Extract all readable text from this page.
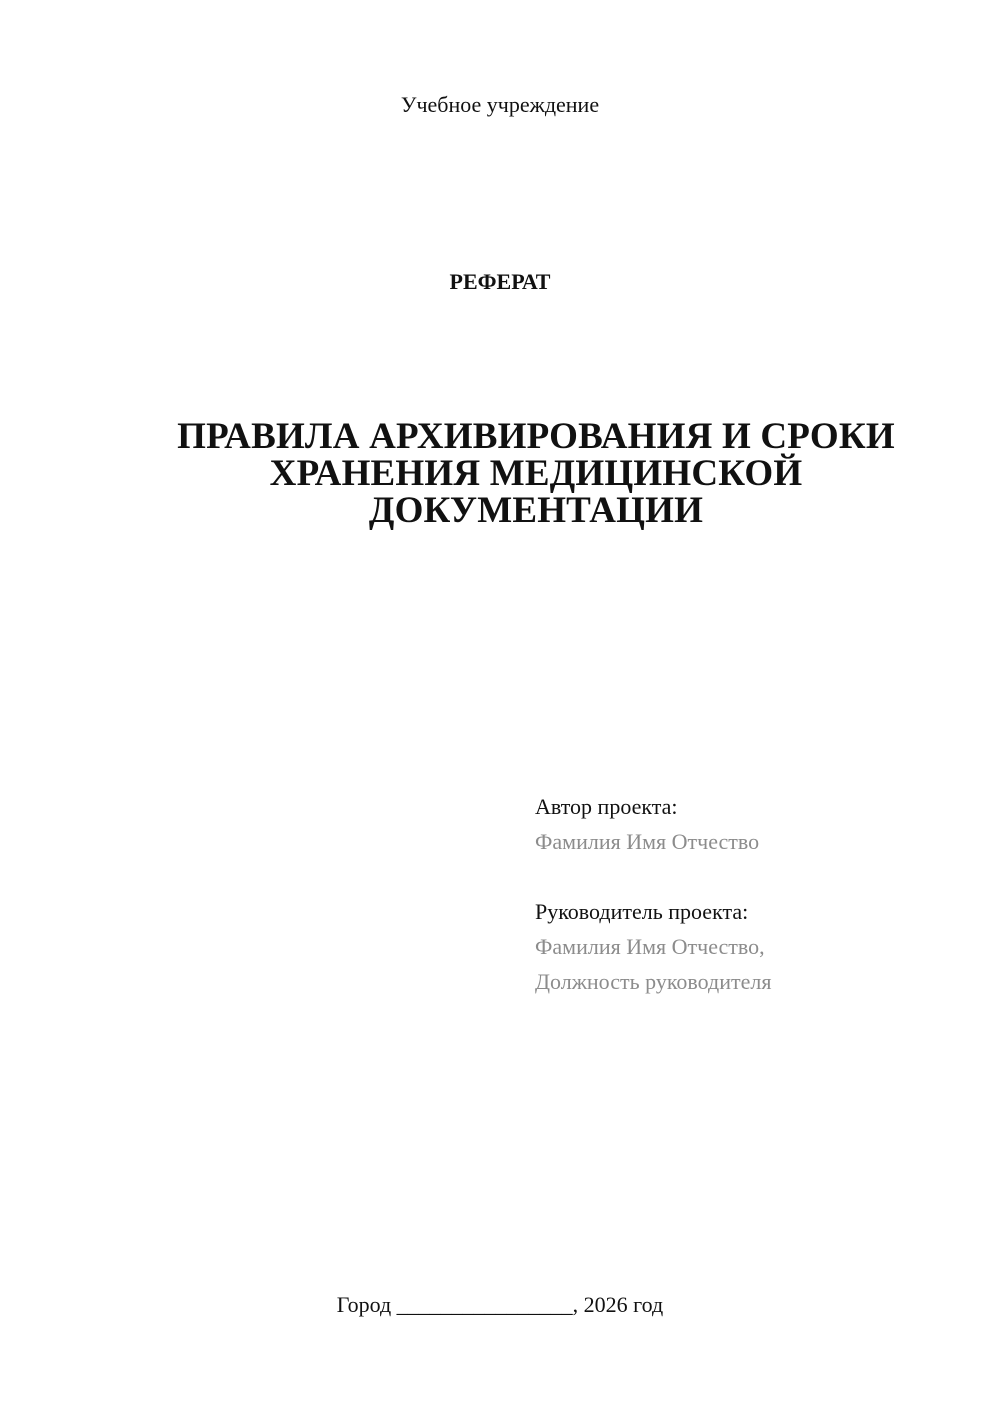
Учебное учреждение
РЕФЕРАТ
ПРАВИЛА АРХИВИРОВАНИЯ И СРОКИ
ХРАНЕНИЯ МЕДИЦИНСКОЙ
ДОКУМЕНТАЦИИ
Автор проекта:
Фамилия Имя Отчество
Руководитель проекта:
Фамилия Имя Отчество,
Должность руководителя
Город ________________, 2026 год
